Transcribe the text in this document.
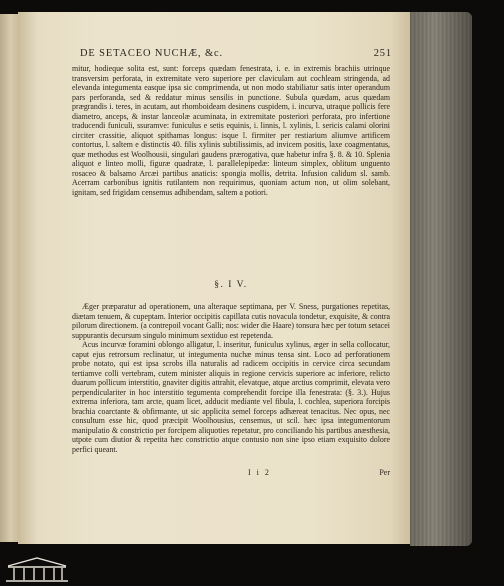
DE SETACEO NUCHÆ, &c.	251

mitur, hodieque solita est, sunt: forceps quædam fenestrata, i. e. in extremis brachiis utrinque transversim perforata, in extremitate vero superiore per claviculam aut cochleam stringenda, ad elevanda integumenta easque ipsa sic comprimenda, ut non modo stabiliatur satis inter operandum pars perforanda, sed & reddatur minus sensilis in punctione. Subula quædam, acus quædam prægrandis i. teres, in acutam, aut rhomboideam desinens cuspidem, i. incurva, utraque pollicis fere diametro, anceps, & instar lanceolæ acuminata, in extremitate posteriori perforata, pro infertione traducendi funiculi, ssuramve: funiculus e setis equinis, i. linnis, l. xylinis, l. sericis calami olorini circiter crassitie, aliquot spithamas longus: isque l. firmiter per restiarium aliumve artificem contortus, l. saltem e distinctis 40. filis xylinis subtilissimis, ad invicem positis, laxe coagmentatus, quæ methodus est Woolhousii, singulari gaudens prærogativa, quæ habetur infra §. 8. & 10. Splenia aliquot e linteo molli, figuræ quadratæ, l. parallelepipedæ: linteum simplex, oblitum unguento rosaceo & balsamo Arcæi partibus anaticis: spongia mollis, detrita. Infusion calidum sl. samb. Acerram carbonibus ignitis rutilantem non requirimus, quoniam actum non, ut olim solebant, ignitam, sed frigidam censemus adhibendam, saltem a potiori.

§. I V.

Æger præparatur ad operationem, una alteraque septimana, per V. Sness, purgationes repetitas, diætam tenuem, & cupeptam. Interior occipitis capillata cutis novacula tondetur, exquisite, & contra pilorum directionem. (a contrepoil vocant Galli; nos: wider die Haare) tonsura hæc per totum setacei suppurantis decursum singulo minimum sextiduo est repetenda.

Acus incurvæ foramini oblongo alligatur, l. inseritur, funiculus xylinus, æger in sella collocatur, caput ejus retrorsum reclinatur, ut integumenta nuchæ minus tensa sint. Loco ad perforationem probe notato, qui est ipsa scrobs illa naturalis ad radicem occipitis in cervice circa secundam tertiamve colli vertebram, cutem minister aliquis in regione cervicis superiore ac inferiore, relicto duarum pollicum interstitio, gnaviter digitis attrahit, elevatque, atque arctius comprimit, elevata vero perpendiculariter in hoc interstitio tegumenta comprehendit forcipe illa fenestrata: (§. 3.). Hujus extrema inferiora, tam arcte, quam licet, adducit mediante vel fibula, l. cochlea, superiora forcipis brachia coarctante & obfirmante, ut sic applicita semel forceps adhæreat tenacitus. Nec opus, nec consultum esse hic, quod præcipit Woolhousius, censemus, ut scil. hæc ipsa integumentorum manipulatio & constrictio per forcipem aliquoties repetatur, pro conciliando his partibus anæsthesia, utpote cum diutior & repetita hæc constrictio atque contusio non sine ipso etiam exquisito dolore perfici queant.

I i 2	Per
